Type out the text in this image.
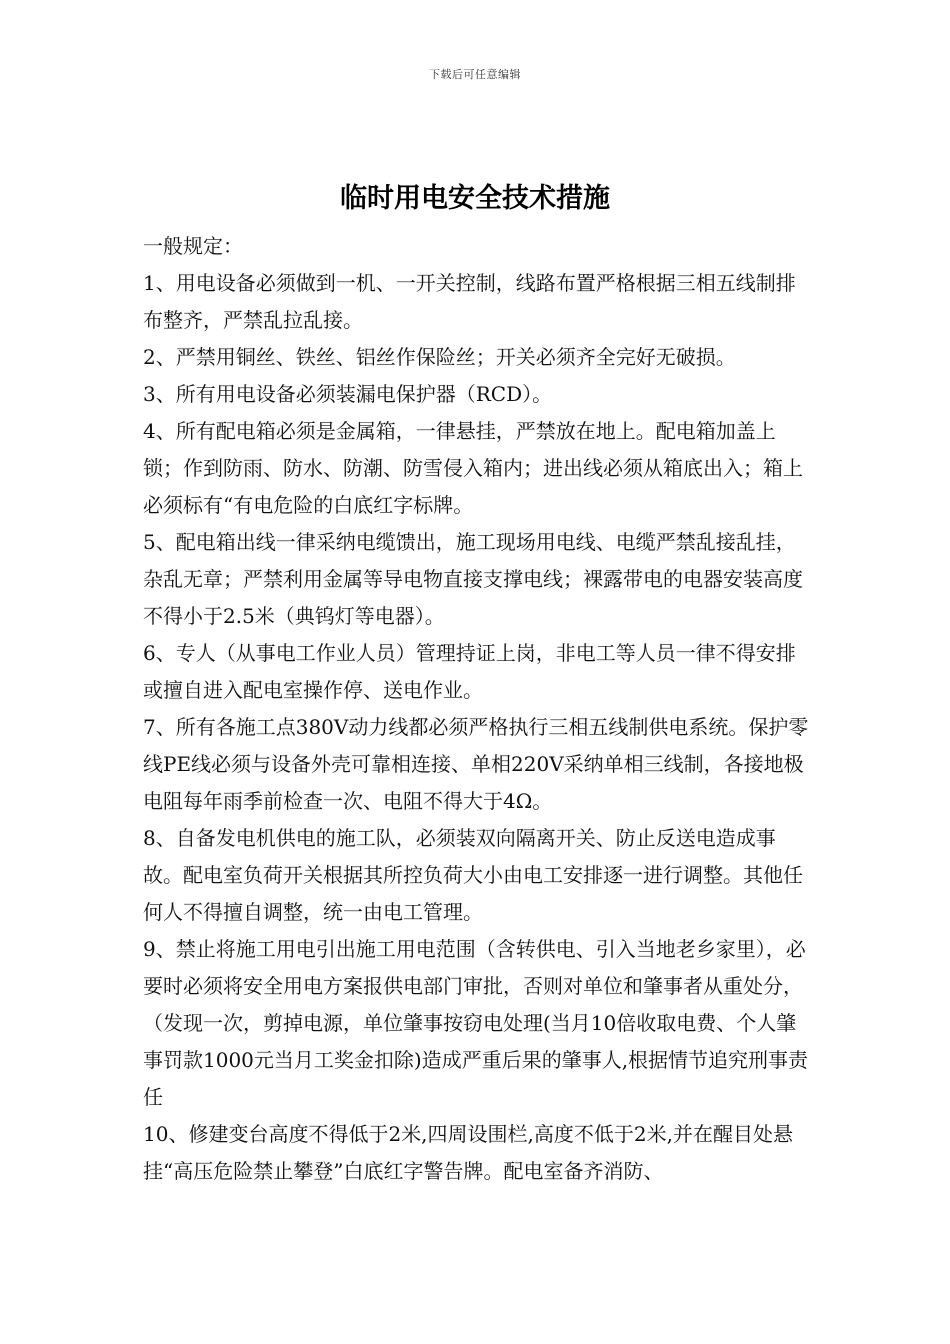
下载后可任意编辑
临时用电安全技术措施

一般规定：

1、用电设备必须做到一机、一开关控制，线路布置严格根据三相五线制排布整齐，严禁乱拉乱接。

2、严禁用铜丝、铁丝、铝丝作保险丝；开关必须齐全完好无破损。

3、所有用电设备必须装漏电保护器（RCD）。

4、所有配电箱必须是金属箱，一律悬挂，严禁放在地上。配电箱加盖上锁；作到防雨、防水、防潮、防雪侵入箱内；进出线必须从箱底出入；箱上必须标有“有电危险的白底红字标牌。

5、配电箱出线一律采纳电缆馈出，施工现场用电线、电缆严禁乱接乱挂，杂乱无章；严禁利用金属等导电物直接支撑电线；裸露带电的电器安装高度不得小于2.5米（典钨灯等电器）。

6、专人（从事电工作业人员）管理持证上岗，非电工等人员一律不得安排或擅自进入配电室操作停、送电作业。

7、所有各施工点380V动力线都必须严格执行三相五线制供电系统。保护零线PE线必须与设备外壳可靠相连接、单相220V采纳单相三线制，各接地极电阻每年雨季前检查一次、电阻不得大于4Ω。

8、自备发电机供电的施工队，必须装双向隔离开关、防止反送电造成事故。配电室负荷开关根据其所控负荷大小由电工安排逐一进行调整。其他任何人不得擅自调整，统一由电工管理。

9、禁止将施工用电引出施工用电范围（含转供电、引入当地老乡家里），必要时必须将安全用电方案报供电部门审批，否则对单位和肇事者从重处分，（发现一次，剪掉电源，单位肇事按窃电处理(当月10倍收取电费、个人肇事罚款1000元当月工奖金扣除)造成严重后果的肇事人,根据情节追究刑事责任

10、修建变台高度不得低于2米,四周设围栏,高度不低于2米,并在醒目处悬挂“高压危险禁止攀登”白底红字警告牌。配电室备齐消防、
